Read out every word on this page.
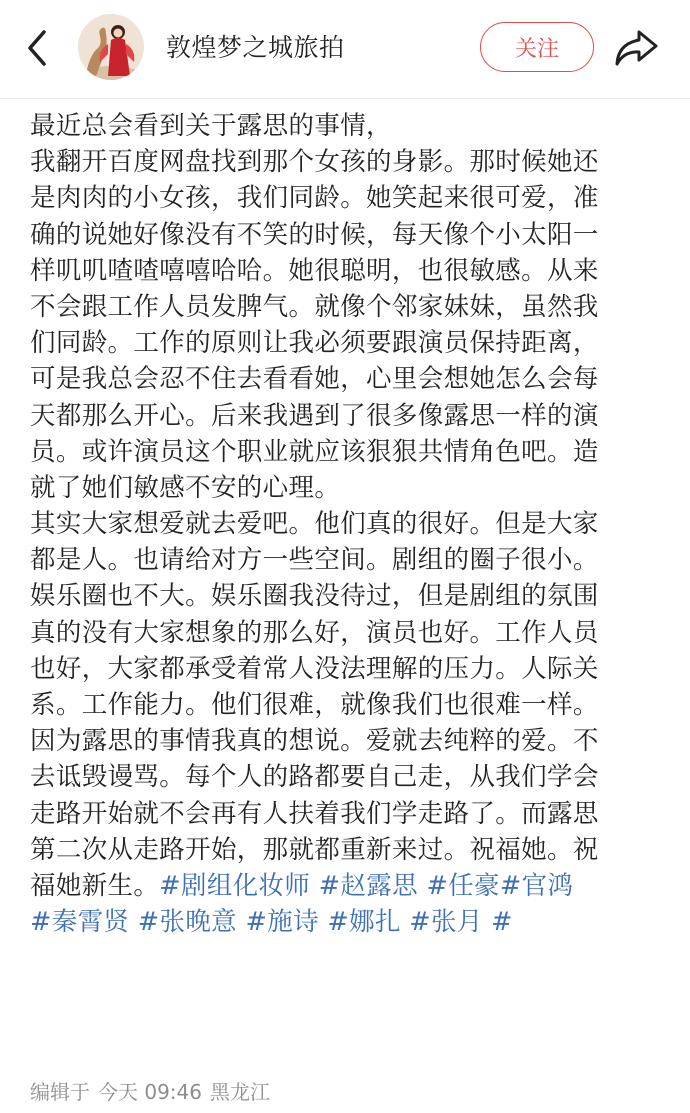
敦煌梦之城旅拍	关注
最近总会看到关于露思的事情，
我翻开百度网盘找到那个女孩的身影。那时候她还
是肉肉的小女孩，我们同龄。她笑起来很可爱，准
确的说她好像没有不笑的时候，每天像个小太阳一
样叽叽喳喳嘻嘻哈哈。她很聪明，也很敏感。从来
不会跟工作人员发脾气。就像个邻家妹妹，虽然我
们同龄。工作的原则让我必须要跟演员保持距离，
可是我总会忍不住去看看她，心里会想她怎么会每
天都那么开心。后来我遇到了很多像露思一样的演
员。或许演员这个职业就应该狠狠共情角色吧。造
就了她们敏感不安的心理。
其实大家想爱就去爱吧。他们真的很好。但是大家
都是人。也请给对方一些空间。剧组的圈子很小。
娱乐圈也不大。娱乐圈我没待过，但是剧组的氛围
真的没有大家想象的那么好，演员也好。工作人员
也好，大家都承受着常人没法理解的压力。人际关
系。工作能力。他们很难，就像我们也很难一样。
因为露思的事情我真的想说。爱就去纯粹的爱。不
去诋毁谩骂。每个人的路都要自己走，从我们学会
走路开始就不会再有人扶着我们学走路了。而露思
第二次从走路开始，那就都重新来过。祝福她。祝
福她新生。#剧组化妆师 #赵露思 #任豪#官鸿
#秦霄贤 #张晚意 #施诗 #娜扎 #张月 #
编辑于 今天 09:46 黑龙江
